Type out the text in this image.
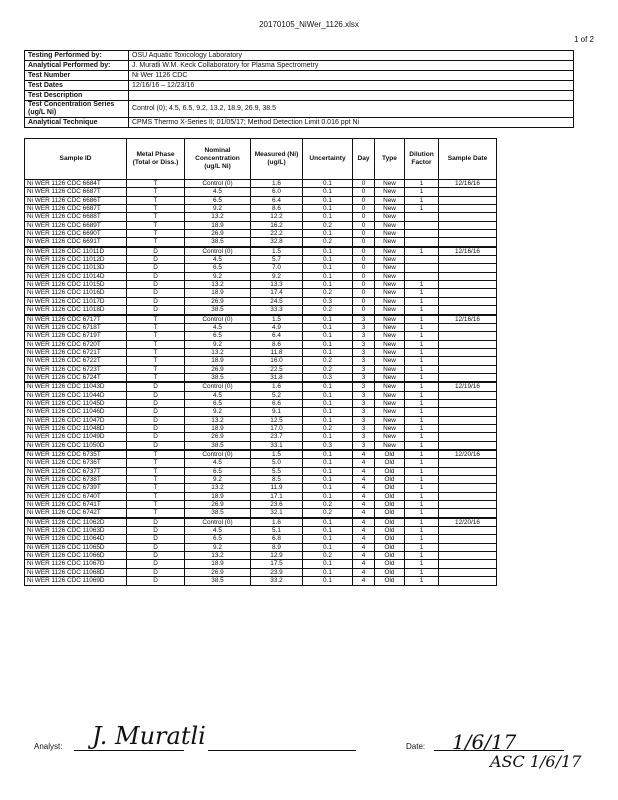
20170105_NiWer_1126.xlsx
1 of 2
Testing Performed by:	OSU Aquatic Toxicology Laboratory
Analytical Performed by:	J. Muratli W.M. Keck Collaboratory for Plasma Spectrometry
Test Number	Ni Wer 1126 CDC
Test Dates	12/16/16 – 12/23/16
Test Description	
Test Concentration Series (ug/L Ni)	Control (0); 4.5, 6.5, 9.2, 13.2, 18.9, 26.9, 38.5
Analytical Technique	CPMS Thermo X-Series II; 01/05/17; Method Detection Limit 0.016 ppt Ni
Sample ID	Metal Phase (Total or Diss.)	Nominal Concentration (ug/L Ni)	Measured (Ni) (ug/L)	Uncertainty	Day	Type	Dilution Factor	Sample Date
Ni WER 1126 CDC 6684T	T	Control (0)	1.6	0.1	0	New	1	12/16/16
Ni WER 1126 CDC 6687T	T	4.5	6.0	0.1	0	New	1	
Ni WER 1126 CDC 6686T	T	6.5	6.4	0.1	0	New	1	
Ni WER 1126 CDC 6687T	T	9.2	8.6	0.1	0	New	1	
Ni WER 1126 CDC 6688T	T	13.2	12.2	0.1	0	New		
Ni WER 1126 CDC 6689T	T	18.9	16.2	0.2	0	New		
Ni WER 1126 CDC 6690T	T	26.9	22.2	0.1	0	New		
Ni WER 1126 CDC 6691T	T	38.5	32.8	0.2	0	New		
Ni WER 1126 CDC 11011D	D	Control (0)	1.5	0.1	0	New	1	12/16/16
Ni WER 1126 CDC 11012D	D	4.5	5.7	0.1	0	New		
Ni WER 1126 CDC 11013D	D	6.5	7.0	0.1	0	New		
Ni WER 1126 CDC 11014D	D	9.2	9.2	0.1	0	New		
Ni WER 1126 CDC 11015D	D	13.2	13.3	0.1	0	New	1	
Ni WER 1126 CDC 11016D	D	18.9	17.4	0.2	0	New	1	
Ni WER 1126 CDC 11017D	D	26.9	24.5	0.3	0	New	1	
Ni WER 1126 CDC 11018D	D	38.5	33.3	0.2	0	New	1	
Ni WER 1126 CDC 6717T	T	Control (0)	1.5	0.1	3	New	1	12/16/16
Ni WER 1126 CDC 6718T	T	4.5	4.9	0.1	3	New	1	
Ni WER 1126 CDC 6719T	T	6.5	6.4	0.1	3	New	1	
Ni WER 1126 CDC 6720T	T	9.2	8.6	0.1	3	New	1	
Ni WER 1126 CDC 6721T	T	13.2	11.8	0.1	3	New	1	
Ni WER 1126 CDC 6722T	T	18.9	16.0	0.2	3	New	1	
Ni WER 1126 CDC 6723T	T	26.9	22.5	0.2	3	New	1	
Ni WER 1126 CDC 6724T	T	38.5	31.8	0.3	3	New	1	
Ni WER 1126 CDC 11043D	D	Control (0)	1.6	0.1	3	New	1	12/19/16
Ni WER 1126 CDC 11044D	D	4.5	5.2	0.1	3	New	1	
Ni WER 1126 CDC 11045D	D	6.5	6.6	0.1	3	New	1	
Ni WER 1126 CDC 11046D	D	9.2	9.1	0.1	3	New	1	
Ni WER 1126 CDC 11047D	D	13.2	12.5	0.1	3	New	1	
Ni WER 1126 CDC 11048D	D	18.9	17.0	0.2	3	New	1	
Ni WER 1126 CDC 11049D	D	26.9	23.7	0.1	3	New	1	
Ni WER 1126 CDC 11050D	D	38.5	33.1	0.3	3	New	1	
Ni WER 1126 CDC 6735T	T	Control (0)	1.5	0.1	4	Old	1	12/20/16
Ni WER 1126 CDC 6736T	T	4.5	5.0	0.1	4	Old	1	
Ni WER 1126 CDC 6737T	T	6.5	5.5	0.1	4	Old	1	
Ni WER 1126 CDC 6738T	T	9.2	8.5	0.1	4	Old	1	
Ni WER 1126 CDC 6739T	T	13.2	11.9	0.1	4	Old	1	
Ni WER 1126 CDC 6740T	T	18.9	17.1	0.1	4	Old	1	
Ni WER 1126 CDC 6741T	T	26.9	23.6	0.2	4	Old	1	
Ni WER 1126 CDC 6742T	T	38.5	32.1	0.2	4	Old	1	
Ni WER 1126 CDC 11062D	D	Control (0)	1.6	0.1	4	Old	1	12/20/16
Ni WER 1126 CDC 11063D	D	4.5	5.1	0.1	4	Old	1	
Ni WER 1126 CDC 11064D	D	6.5	6.8	0.1	4	Old	1	
Ni WER 1126 CDC 11065D	D	9.2	8.9	0.1	4	Old	1	
Ni WER 1126 CDC 11066D	D	13.2	12.9	0.2	4	Old	1	
Ni WER 1126 CDC 11067D	D	18.9	17.5	0.1	4	Old	1	
Ni WER 1126 CDC 11068D	D	26.9	23.9	0.1	4	Old	1	
Ni WER 1126 CDC 11069D	D	38.5	33.2	0.1	4	Old	1	
Analyst:	Date:
J. Muratli	1/6/17
ASC 1/6/17
